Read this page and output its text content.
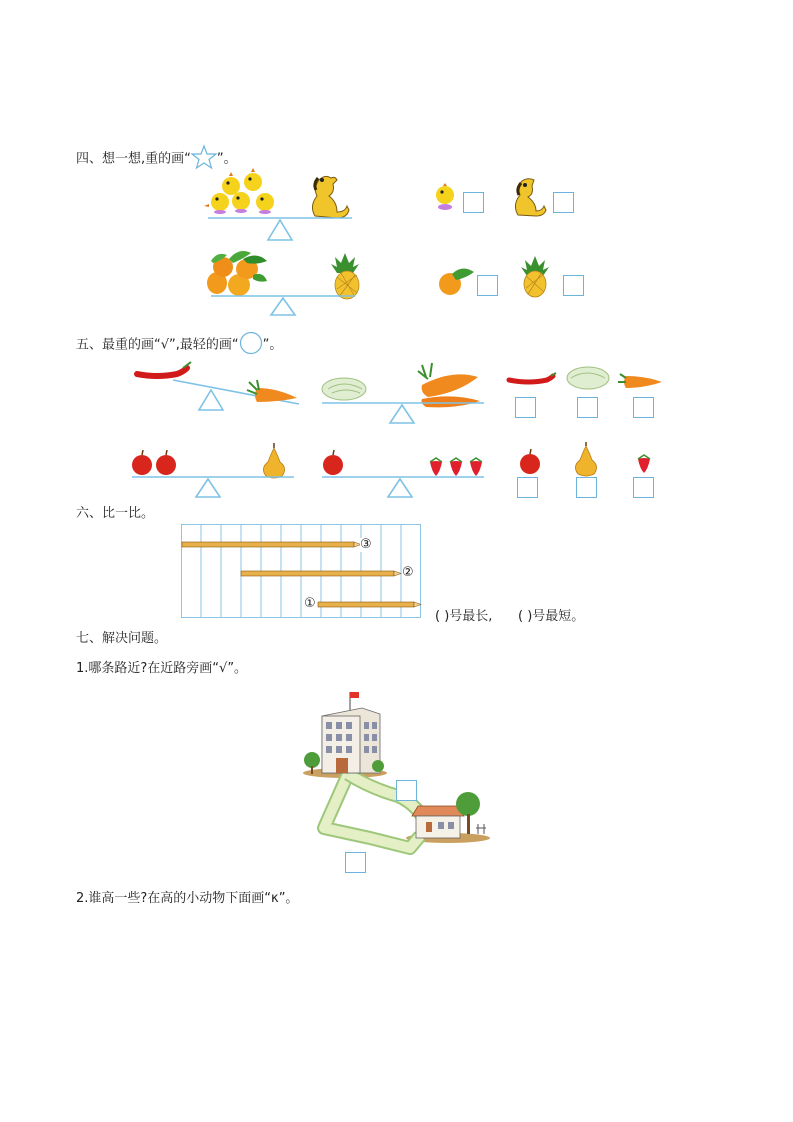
四、想一想,重的画“ ”。
五、最重的画“√”,最轻的画“ ”。
六、比一比。
③
②
①
( )号最长, ( )号最短。
七、解决问题。
1.哪条路近?在近路旁画“√”。
2.谁高一些?在高的小动物下面画“κ”。
